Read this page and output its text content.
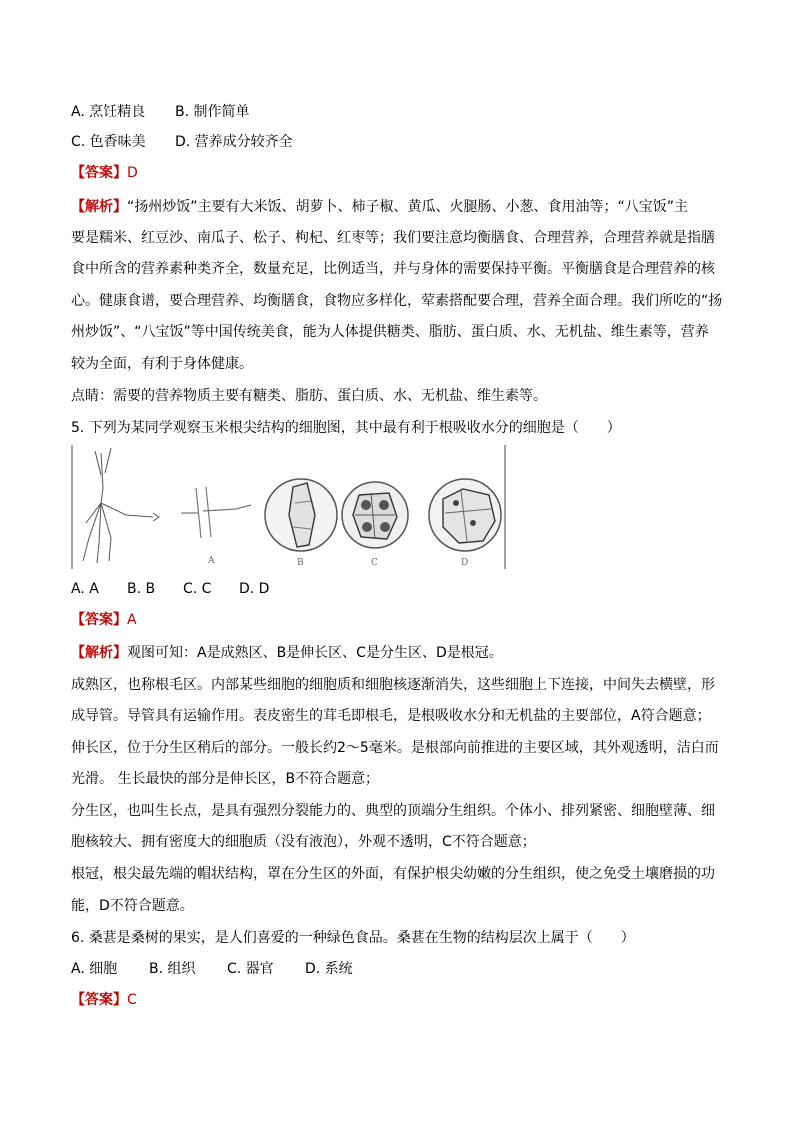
A. 烹饪精良 B. 制作简单
C. 色香味美 D. 营养成分较齐全
【答案】D
【解析】“扬州炒饭”主要有大米饭、胡萝卜、柿子椒、黄瓜、火腿肠、小葱、食用油等；“八宝饭”主
要是糯米、红豆沙、南瓜子、松子、枸杞、红枣等；我们要注意均衡膳食、合理营养，合理营养就是指膳
食中所含的营养素种类齐全，数量充足，比例适当，并与身体的需要保持平衡。平衡膳食是合理营养的核
心。健康食谱，要合理营养、均衡膳食，食物应多样化，荤素搭配要合理，营养全面合理。我们所吃的“扬
州炒饭”、“八宝饭”等中国传统美食，能为人体提供糖类、脂肪、蛋白质、水、无机盐、维生素等，营养
较为全面，有利于身体健康。
点睛：需要的营养物质主要有糖类、脂肪、蛋白质、水、无机盐、维生素等。
5. 下列为某同学观察玉米根尖结构的细胞图，其中最有利于根吸收水分的细胞是（　　）
A	B	C	D
A. A B. B C. C D. D
【答案】A
【解析】观图可知：A是成熟区、B是伸长区、C是分生区、D是根冠。
成熟区，也称根毛区。内部某些细胞的细胞质和细胞核逐渐消失，这些细胞上下连接，中间失去横壁，形
成导管。导管具有运输作用。表皮密生的茸毛即根毛，是根吸收水分和无机盐的主要部位，A符合题意；
伸长区，位于分生区稍后的部分。一般长约2～5毫米。是根部向前推进的主要区域，其外观透明，洁白而
光滑。 生长最快的部分是伸长区，B不符合题意；
分生区，也叫生长点，是具有强烈分裂能力的、典型的顶端分生组织。个体小、排列紧密、细胞壁薄、细
胞核较大、拥有密度大的细胞质（没有液泡），外观不透明，C不符合题意；
根冠，根尖最先端的帽状结构，罩在分生区的外面，有保护根尖幼嫩的分生组织，使之免受土壤磨损的功
能，D不符合题意。
6. 桑葚是桑树的果实，是人们喜爱的一种绿色食品。桑葚在生物的结构层次上属于（　　）
A. 细胞 B. 组织 C. 器官 D. 系统
【答案】C
